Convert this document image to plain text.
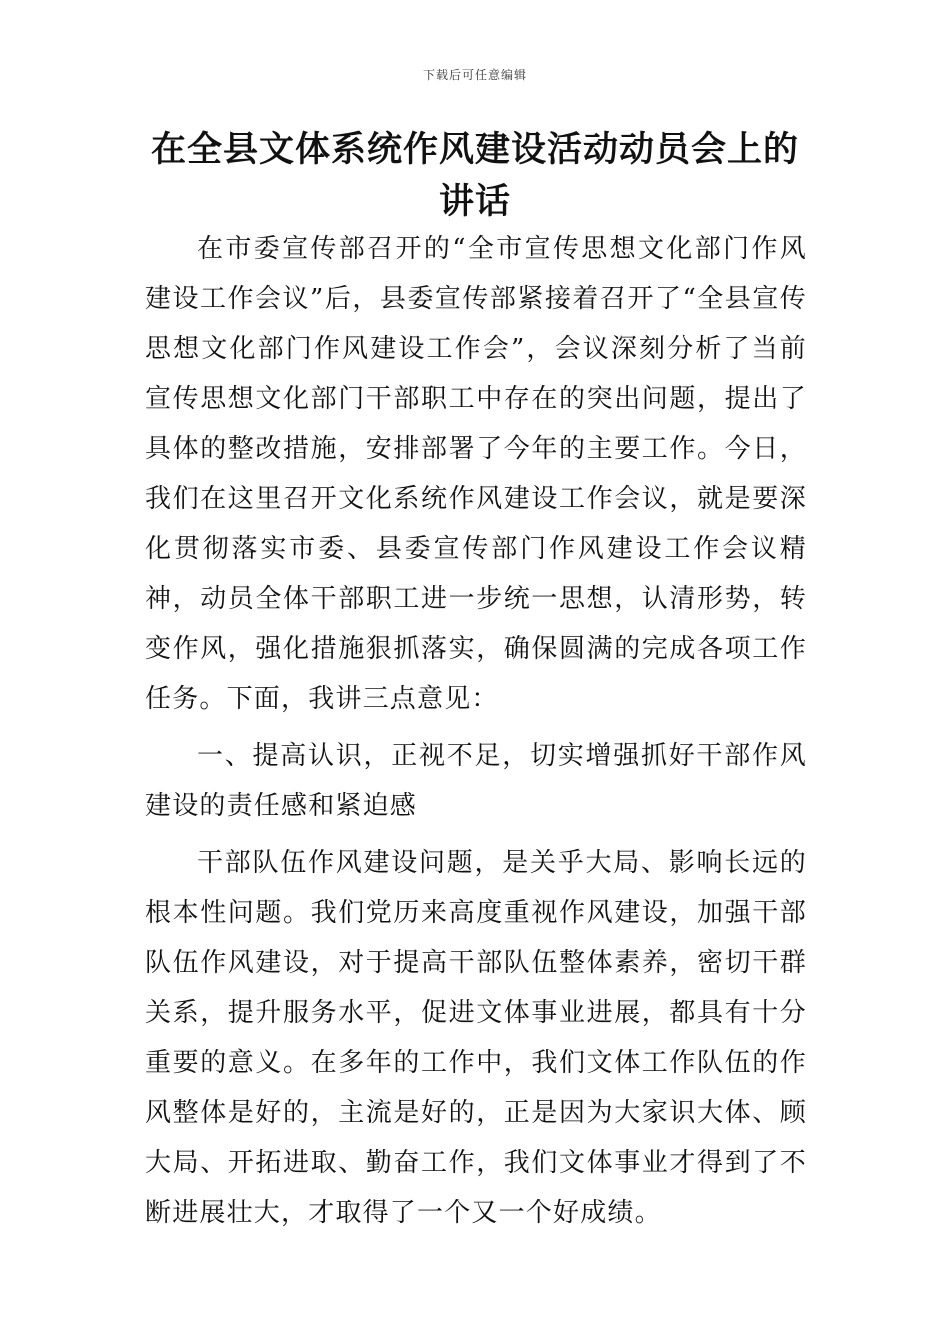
下载后可任意编辑
在全县文体系统作风建设活动动员会上的讲话

在市委宣传部召开的“全市宣传思想文化部门作风建设工作会议”后，县委宣传部紧接着召开了“全县宣传思想文化部门作风建设工作会”，会议深刻分析了当前宣传思想文化部门干部职工中存在的突出问题，提出了具体的整改措施，安排部署了今年的主要工作。今日，我们在这里召开文化系统作风建设工作会议，就是要深化贯彻落实市委、县委宣传部门作风建设工作会议精神，动员全体干部职工进一步统一思想，认清形势，转变作风，强化措施狠抓落实，确保圆满的完成各项工作任务。下面，我讲三点意见：

一、提高认识，正视不足，切实增强抓好干部作风建设的责任感和紧迫感

干部队伍作风建设问题，是关乎大局、影响长远的根本性问题。我们党历来高度重视作风建设，加强干部队伍作风建设，对于提高干部队伍整体素养，密切干群关系，提升服务水平，促进文体事业进展，都具有十分重要的意义。在多年的工作中，我们文体工作队伍的作风整体是好的，主流是好的，正是因为大家识大体、顾大局、开拓进取、勤奋工作，我们文体事业才得到了不断进展壮大，才取得了一个又一个好成绩。
